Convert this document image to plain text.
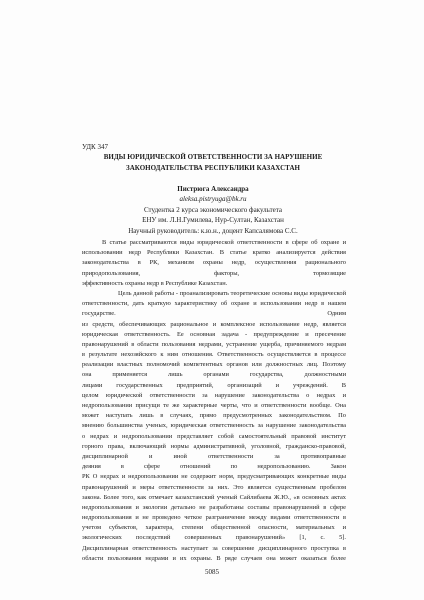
УДК 347
ВИДЫ ЮРИДИЧЕСКОЙ ОТВЕТСТВЕННОСТИ ЗА НАРУШЕНИЕ
ЗАКОНОДАТЕЛЬСТВА РЕСПУБЛИКИ КАЗАХСТАН
Пистрюга Александра
aleksa.pistryuga@bk.ru
Студентка 2 курса экономического факультета
ЕНУ им. Л.Н.Гумилева, Нур-Султан, Казахстан
Научный руководитель: к.ю.н., доцент Капсалямова С.С.
В статье рассматриваются виды юридической ответственности в сфере об охране и
использовании недр Республики Казахстан. В статье кратко анализируется действия
законодательства в РК, механизм охраны недр, осуществления рационального
природопользования, факторы, тормозящие
эффективность охраны недр в Республике Казахстан.
Цель данной работы - проанализировать теоретические основы виды юридической
ответственности, дать краткую характеристику об охране и использовании недр в нашем
государстве. Одним
из средств, обеспечивающих рациональное и комплексное использование недр, является
юридическая ответственность. Ее основная задача - предупреждение и пресечение
правонарушений в области пользования недрами, устранение ущерба, причиняемого недрам
в результате нехозяйского к ним отношения. Ответственность осуществляется в процессе
реализации властных полномочий компетентных органов или должностных лиц. Поэтому
она применяется лишь органами государства, должностными
лицами государственных предприятий, организаций и учреждений. В
целом юридической ответственности за нарушение законодательства о недрах и
недропользовании присущи те же характерные черты, что и ответственности вообще. Она
может наступать лишь в случаях, прямо предусмотренных законодательством. По
мнению большинства ученых, юридическая ответственность за нарушение законодательства
о недрах и недропользовании представляет собой самостоятельный правовой институт
горного права, включающий нормы административной, уголовной, гражданско-правовой,
дисциплинарной и иной ответственности за противоправные
деяния в сфере отношений по недропользованию. Закон
РК О недрах и недропользовании не содержит норм, предусматривающих конкретные виды
правонарушений и меры ответственности за них. Это является существенным пробелом
закона. Более того, как отмечает казахстанский ученый Сайлибаева Ж.Ю., «в основных актах
недропользования и экологии детально не разработаны составы правонарушений в сфере
недропользования и не проведено четкое разграничение между видами ответственности в
учетом субъектов, характера, степени общественной опасности, материальных и
экологических последствий совершенных правонарушений» [1, с. 5].
Дисциплинарная ответственность наступает за совершение дисциплинарного проступка в
области пользования недрами и их охраны. В ряде случаев она может оказаться более
5085
